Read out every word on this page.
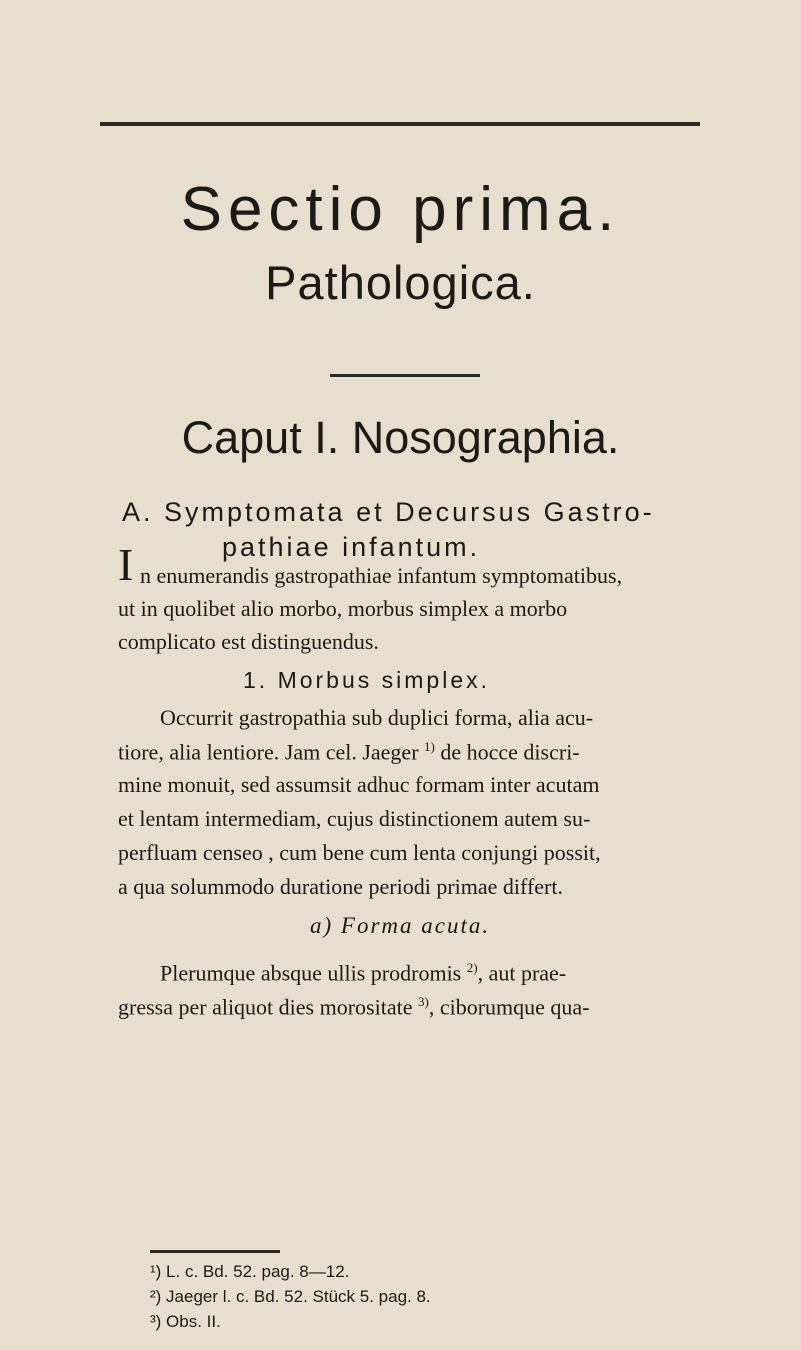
Sectio prima.
Pathologica.
Caput I. Nosographia.
A. Symptomata et Decursus Gastro-
pathiae infantum.
I n enumerandis gastropathiae infantum symptomatibus,
ut in quolibet alio morbo, morbus simplex a morbo
complicato est distinguendus.
1. Morbus simplex.
Occurrit gastropathia sub duplici forma, alia acu-
tiore, alia lentiore. Jam cel. Jaeger $^{1)}$ de hocce discri-
mine monuit, sed assumsit adhuc formam inter acutam
et lentam intermediam, cujus distinctionem autem su-
perfluam censeo , cum bene cum lenta conjungi possit,
a qua solummodo duratione periodi primae differt.
a) Forma acuta.
Plerumque absque ullis prodromis $^{2)}$, aut prae-
gressa per aliquot dies morositate $^{3)}$, ciborumque qua-
¹) L. c. Bd. 52. pag. 8—12.
²) Jaeger l. c. Bd. 52. Stück 5. pag. 8.
³) Obs. II.
